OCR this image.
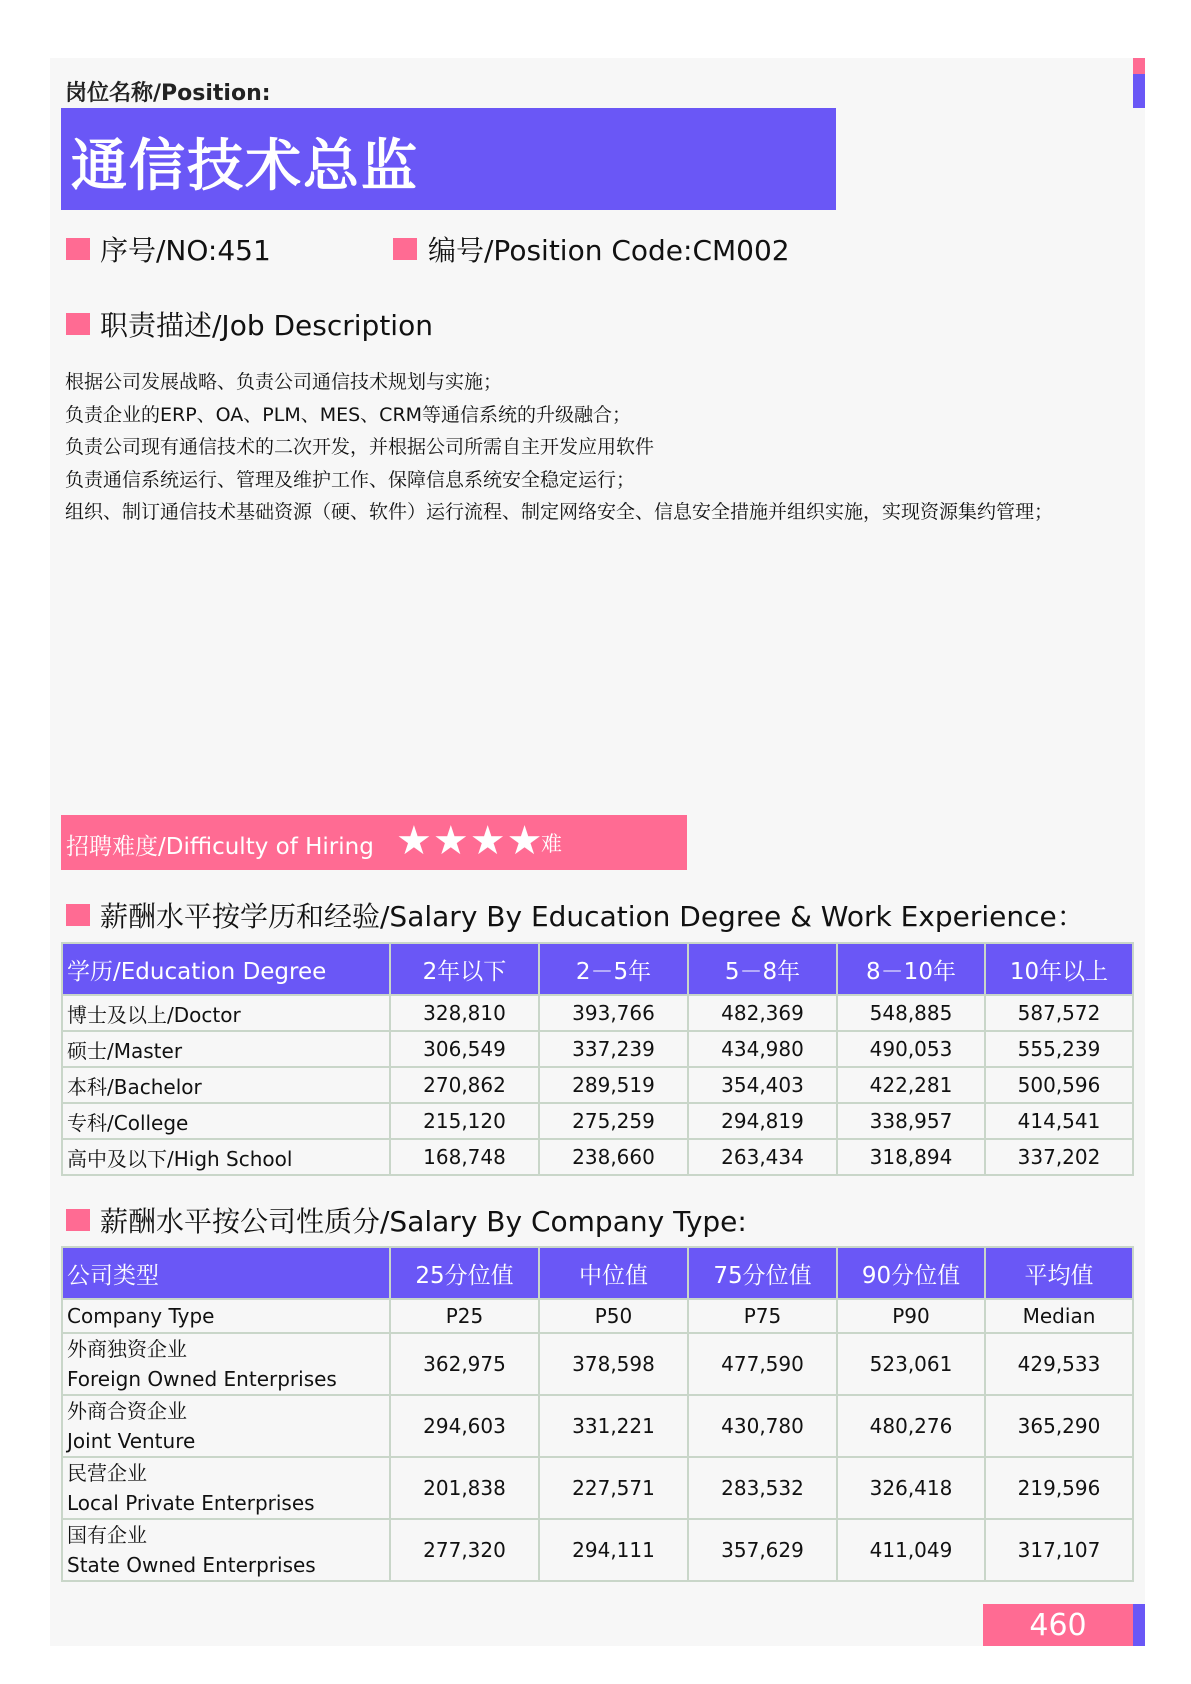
岗位名称/Position:
通信技术总监
序号/NO:451	编号/Position Code:CM002
职责描述/Job Description
根据公司发展战略、负责公司通信技术规划与实施；
负责企业的ERP、OA、PLM、MES、CRM等通信系统的升级融合；
负责公司现有通信技术的二次开发，并根据公司所需自主开发应用软件
负责通信系统运行、管理及维护工作、保障信息系统安全稳定运行；
组织、制订通信技术基础资源（硬、软件）运行流程、制定网络安全、信息安全措施并组织实施，实现资源集约管理；
招聘难度/Difficulty of Hiring ★★★★
难
薪酬水平按学历和经验/Salary By Education Degree & Work Experience：
学历/Education Degree	2年以下	2－5年	5－8年	8－10年	10年以上
博士及以上/Doctor	328,810	393,766	482,369	548,885	587,572
硕士/Master	306,549	337,239	434,980	490,053	555,239
本科/Bachelor	270,862	289,519	354,403	422,281	500,596
专科/College	215,120	275,259	294,819	338,957	414,541
高中及以下/High School	168,748	238,660	263,434	318,894	337,202
薪酬水平按公司性质分/Salary By Company Type:
公司类型	25分位值	中位值	75分位值	90分位值	平均值
Company Type	P25	P50	P75	P90	Median

外商独资企业
Foreign Owned Enterprises	362,975	378,598	477,590	523,061	429,533

外商合资企业
Joint Venture	294,603	331,221	430,780	480,276	365,290

民营企业
Local Private Enterprises	201,838	227,571	283,532	326,418	219,596

国有企业
State Owned Enterprises	277,320	294,111	357,629	411,049	317,107
460
